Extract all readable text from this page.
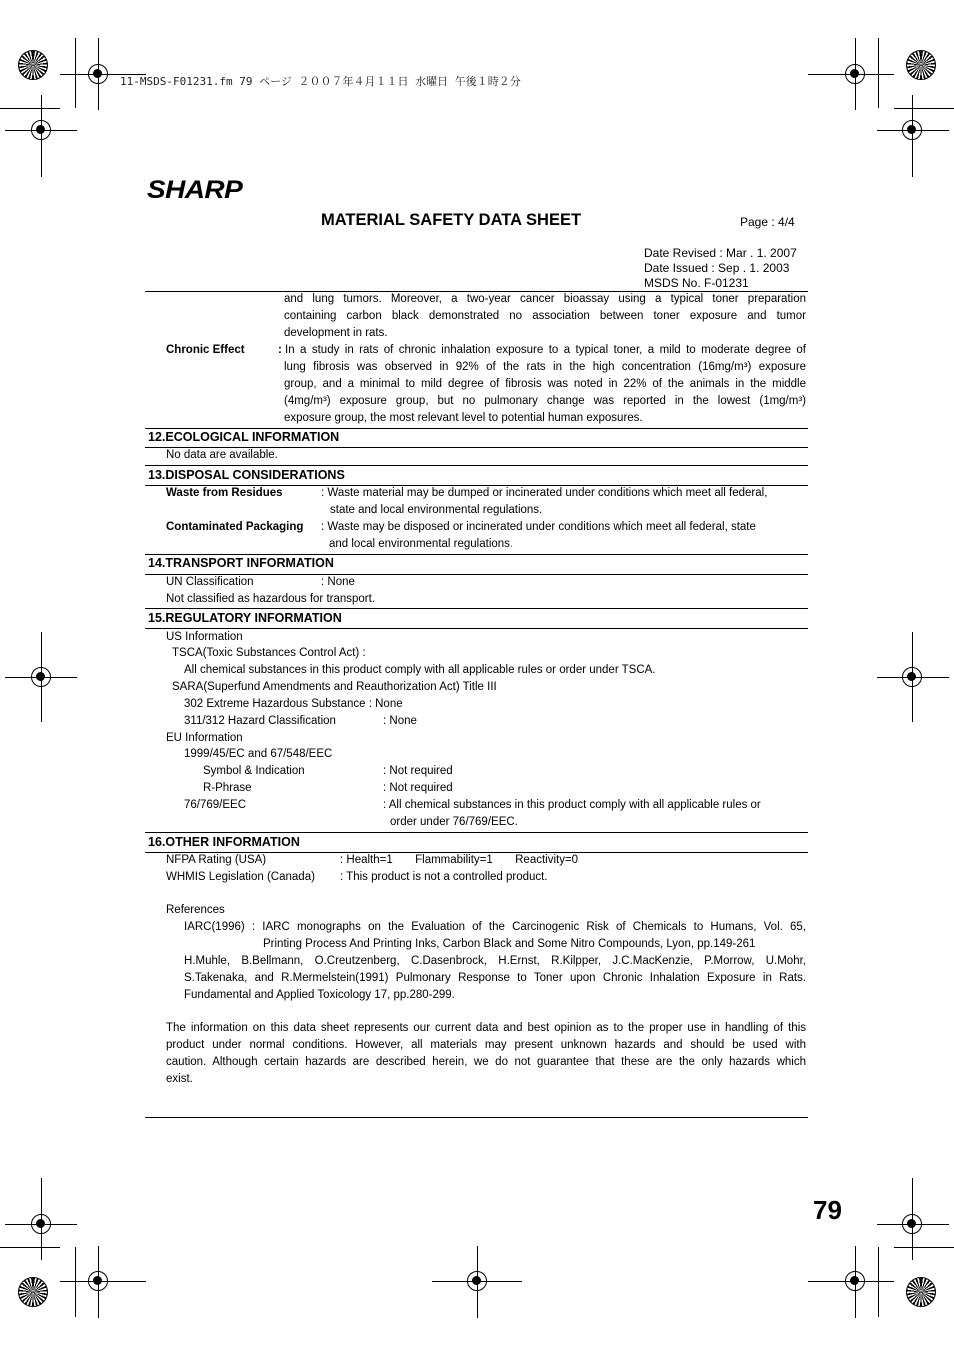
11-MSDS-F01231.fm 79 ページ ２００７年４月１１日 水曜日 午後１時２分
SHARP
MATERIAL SAFETY DATA SHEET	Page : 4/4
Date Revised : Mar . 1. 2007
Date Issued : Sep . 1. 2003
MSDS No. F-01231
and lung tumors. Moreover, a two-year cancer bioassay using a typical toner preparation
containing carbon black demonstrated no association between toner exposure and tumor
development in rats.
Chronic Effect	: In a study in rats of chronic inhalation exposure to a typical toner, a mild to moderate degree of
lung fibrosis was observed in 92% of the rats in the high concentration (16mg/m³) exposure
group, and a minimal to mild degree of fibrosis was noted in 22% of the animals in the middle
(4mg/m³) exposure group, but no pulmonary change was reported in the lowest (1mg/m³)
exposure group, the most relevant level to potential human exposures.
12.ECOLOGICAL INFORMATION
No data are available.
13.DISPOSAL CONSIDERATIONS
Waste from Residues	: Waste material may be dumped or incinerated under conditions which meet all federal,
state and local environmental regulations.
Contaminated Packaging : Waste may be disposed or incinerated under conditions which meet all federal, state
and local environmental regulations.
14.TRANSPORT INFORMATION
UN Classification	: None
Not classified as hazardous for transport.
15.REGULATORY INFORMATION
US Information
TSCA(Toxic Substances Control Act) :
All chemical substances in this product comply with all applicable rules or order under TSCA.
SARA(Superfund Amendments and Reauthorization Act) Title III
302 Extreme Hazardous Substance : None
311/312 Hazard Classification	: None
EU Information
1999/45/EC and 67/548/EEC
Symbol & Indication	: Not required
R-Phrase	: Not required
76/769/EEC	: All chemical substances in this product comply with all applicable rules or
order under 76/769/EEC.
16.OTHER INFORMATION
NFPA Rating (USA)	: Health=1       Flammability=1       Reactivity=0
WHMIS Legislation (Canada) : This product is not a controlled product.
References
IARC(1996) : IARC monographs on the Evaluation of the Carcinogenic Risk of Chemicals to Humans, Vol. 65,
Printing Process And Printing Inks, Carbon Black and Some Nitro Compounds, Lyon, pp.149-261
H.Muhle, B.Bellmann, O.Creutzenberg, C.Dasenbrock, H.Ernst, R.Kilpper, J.C.MacKenzie, P.Morrow, U.Mohr,
S.Takenaka, and R.Mermelstein(1991) Pulmonary Response to Toner upon Chronic Inhalation Exposure in Rats.
Fundamental and Applied Toxicology 17, pp.280-299.
The information on this data sheet represents our current data and best opinion as to the proper use in handling of this
product under normal conditions. However, all materials may present unknown hazards and should be used with
caution. Although certain hazards are described herein, we do not guarantee that these are the only hazards which
exist.
79
